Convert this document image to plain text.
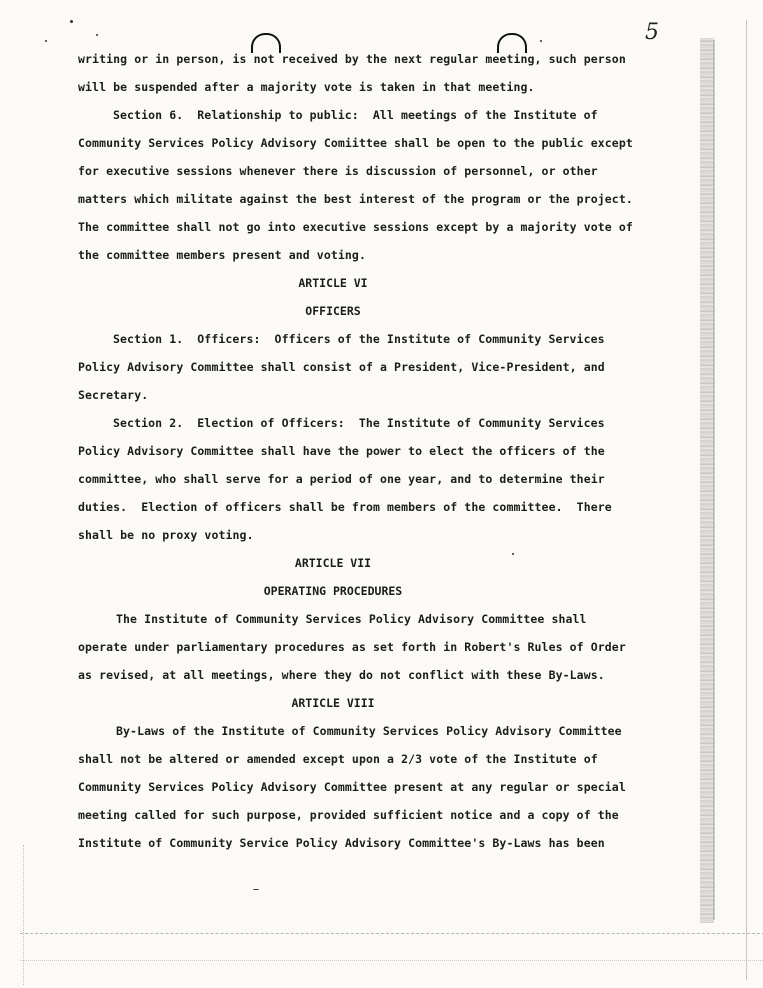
5
writing or in person, is not received by the next regular meeting, such person
will be suspended after a majority vote is taken in that meeting.
Section 6.  Relationship to public:  All meetings of the Institute of
Community Services Policy Advisory Comiittee shall be open to the public except
for executive sessions whenever there is discussion of personnel, or other
matters which militate against the best interest of the program or the project.
The committee shall not go into executive sessions except by a majority vote of
the committee members present and voting.
ARTICLE VI
OFFICERS
Section 1.  Officers:  Officers of the Institute of Community Services
Policy Advisory Committee shall consist of a President, Vice-President, and
Secretary.
Section 2.  Election of Officers:  The Institute of Community Services
Policy Advisory Committee shall have the power to elect the officers of the
committee, who shall serve for a period of one year, and to determine their
duties.  Election of officers shall be from members of the committee.  There
shall be no proxy voting.
ARTICLE VII
OPERATING PROCEDURES
The Institute of Community Services Policy Advisory Committee shall
operate under parliamentary procedures as set forth in Robert's Rules of Order
as revised, at all meetings, where they do not conflict with these By-Laws.
ARTICLE VIII
By-Laws of the Institute of Community Services Policy Advisory Committee
shall not be altered or amended except upon a 2/3 vote of the Institute of
Community Services Policy Advisory Committee present at any regular or special
meeting called for such purpose, provided sufficient notice and a copy of the
Institute of Community Service Policy Advisory Committee's By-Laws has been
